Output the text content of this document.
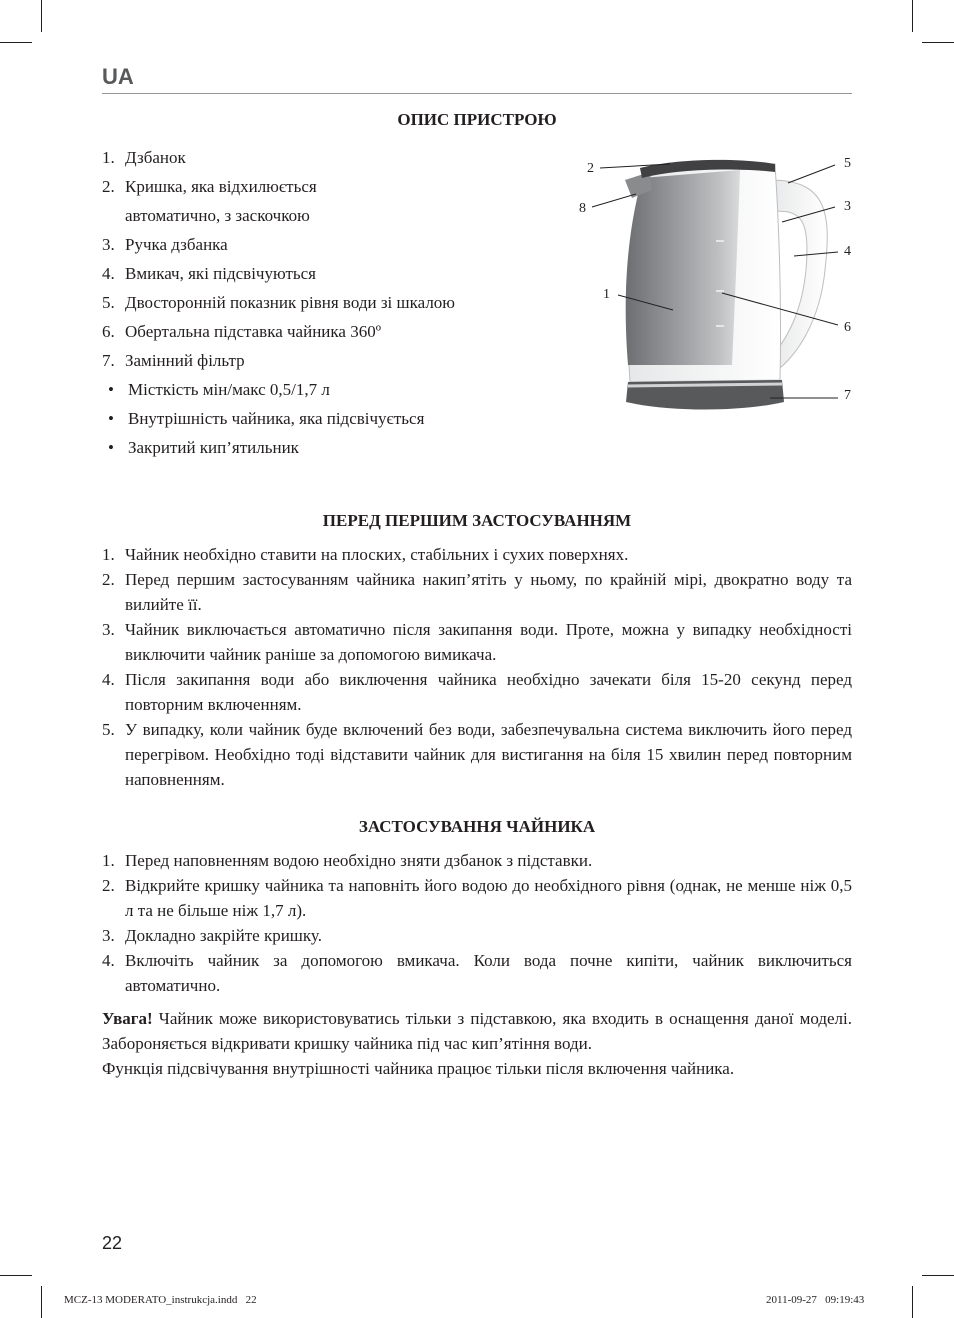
UA
ОПИС ПРИСТРОЮ
1. Дзбанок
2. Кришка, яка відхилюється автоматично, з заскочкою
3. Ручка дзбанка
4. Вмикач, які підсвічуються
5. Двосторонній показник рівня води зі шкалою
6. Обертальна підставка чайника 360º
7. Замінний фільтр
• Місткість мін/макс 0,5/1,7 л
• Внутрішність чайника, яка підсвічується
• Закритий кип’ятильник
2
8
1
5
3
4
6
7
ПЕРЕД ПЕРШИМ ЗАСТОСУВАННЯМ
1. Чайник необхідно ставити на плоских, стабільних і сухих поверхнях.
2. Перед першим застосуванням чайника накип’ятіть у ньому, по крайній мірі, двократно воду та вилийте її.
3. Чайник виключається автоматично після закипання води. Проте, можна у випадку необхідності виключити чайник раніше за допомогою вимикача.
4. Після закипання води або виключення чайника необхідно зачекати біля 15-20 секунд перед повторним включенням.
5. У випадку, коли чайник буде включений без води, забезпечувальна система виключить його перед перегрівом. Необхідно тоді відставити чайник для вистигання на біля 15 хвилин перед повторним наповненням.
ЗАСТОСУВАННЯ ЧАЙНИКА
1. Перед наповненням водою необхідно зняти дзбанок з підставки.
2. Відкрийте кришку чайника та наповніть його водою до необхідного рівня (однак, не менше ніж 0,5 л та не більше ніж 1,7 л).
3. Докладно закрійте кришку.
4. Включіть чайник за допомогою вмикача. Коли вода почне кипіти, чайник виключиться автоматично.

Увага! Чайник може використовуватись тільки з підставкою, яка входить в оснащення даної моделі. Забороняється відкривати кришку чайника під час кип’ятіння води.

Функція підсвічування внутрішності чайника працює тільки після включення чайника.

22
MCZ-13 MODERATO_instrukcja.indd   22	2011-09-27   09:19:43
